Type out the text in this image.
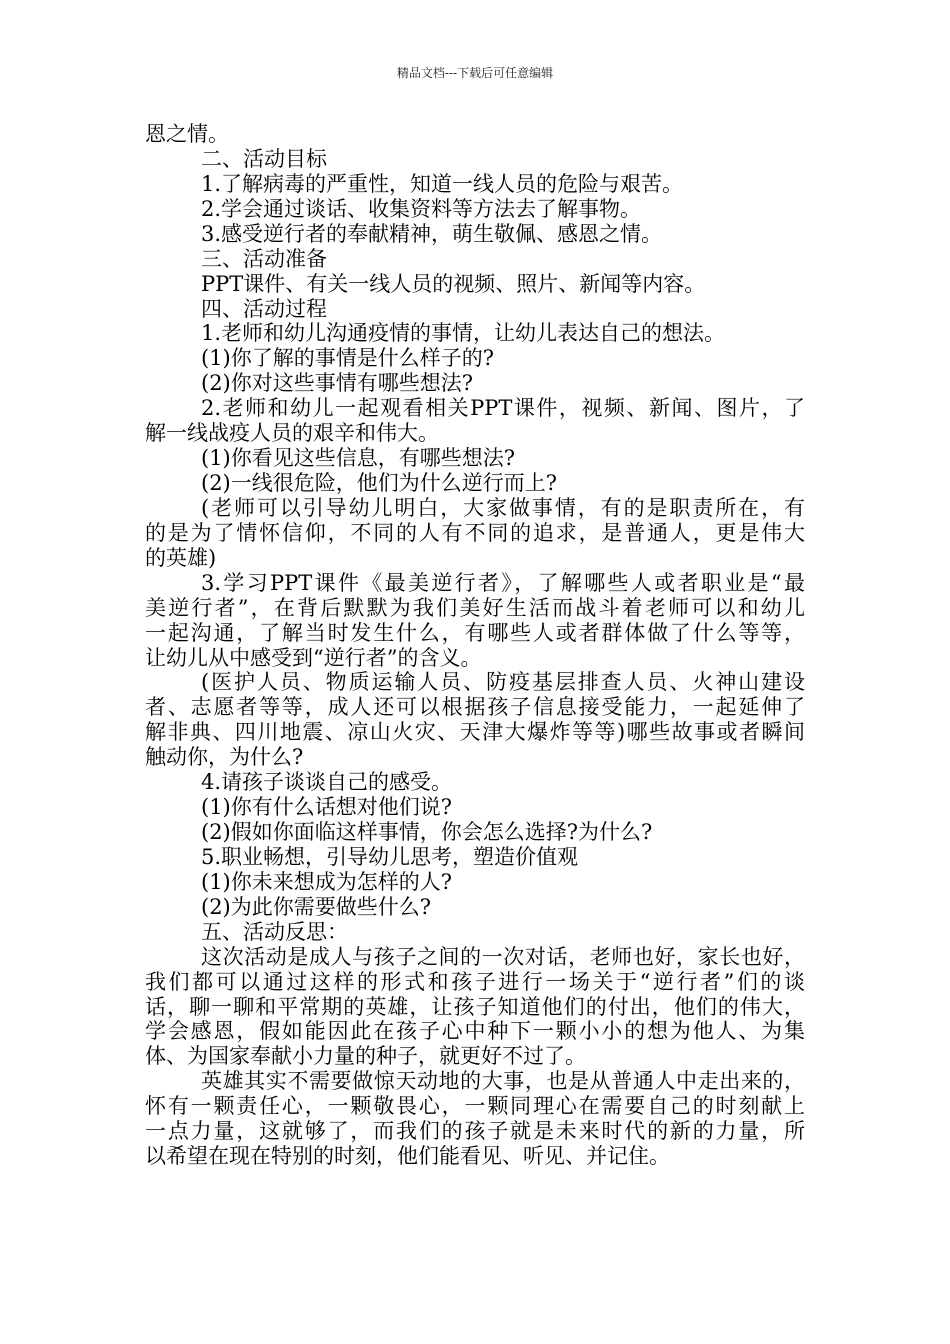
精品文档---下载后可任意编辑
恩之情。
二、活动目标
1.了解病毒的严重性，知道一线人员的危险与艰苦。
2.学会通过谈话、收集资料等方法去了解事物。
3.感受逆行者的奉献精神，萌生敬佩、感恩之情。
三、活动准备
PPT课件、有关一线人员的视频、照片、新闻等内容。
四、活动过程
1.老师和幼儿沟通疫情的事情，让幼儿表达自己的想法。
(1)你了解的事情是什么样子的?
(2)你对这些事情有哪些想法?
2.老师和幼儿一起观看相关PPT课件，视频、新闻、图片，了
解一线战疫人员的艰辛和伟大。
(1)你看见这些信息，有哪些想法?
(2)一线很危险，他们为什么逆行而上?
(老师可以引导幼儿明白，大家做事情，有的是职责所在，有
的是为了情怀信仰，不同的人有不同的追求，是普通人，更是伟大
的英雄)
3.学习PPT课件《最美逆行者》，了解哪些人或者职业是“最
美逆行者”，在背后默默为我们美好生活而战斗着老师可以和幼儿
一起沟通，了解当时发生什么，有哪些人或者群体做了什么等等，
让幼儿从中感受到“逆行者”的含义。
(医护人员、物质运输人员、防疫基层排查人员、火神山建设
者、志愿者等等，成人还可以根据孩子信息接受能力，一起延伸了
解非典、四川地震、凉山火灾、天津大爆炸等等)哪些故事或者瞬间
触动你，为什么?
4.请孩子谈谈自己的感受。
(1)你有什么话想对他们说?
(2)假如你面临这样事情，你会怎么选择?为什么?
5.职业畅想，引导幼儿思考，塑造价值观
(1)你未来想成为怎样的人?
(2)为此你需要做些什么?
五、活动反思：
这次活动是成人与孩子之间的一次对话，老师也好，家长也好，
我们都可以通过这样的形式和孩子进行一场关于“逆行者”们的谈
话，聊一聊和平常期的英雄，让孩子知道他们的付出，他们的伟大，
学会感恩，假如能因此在孩子心中种下一颗小小的想为他人、为集
体、为国家奉献小力量的种子，就更好不过了。
英雄其实不需要做惊天动地的大事，也是从普通人中走出来的，
怀有一颗责任心，一颗敬畏心，一颗同理心在需要自己的时刻献上
一点力量，这就够了，而我们的孩子就是未来时代的新的力量，所
以希望在现在特别的时刻，他们能看见、听见、并记住。
